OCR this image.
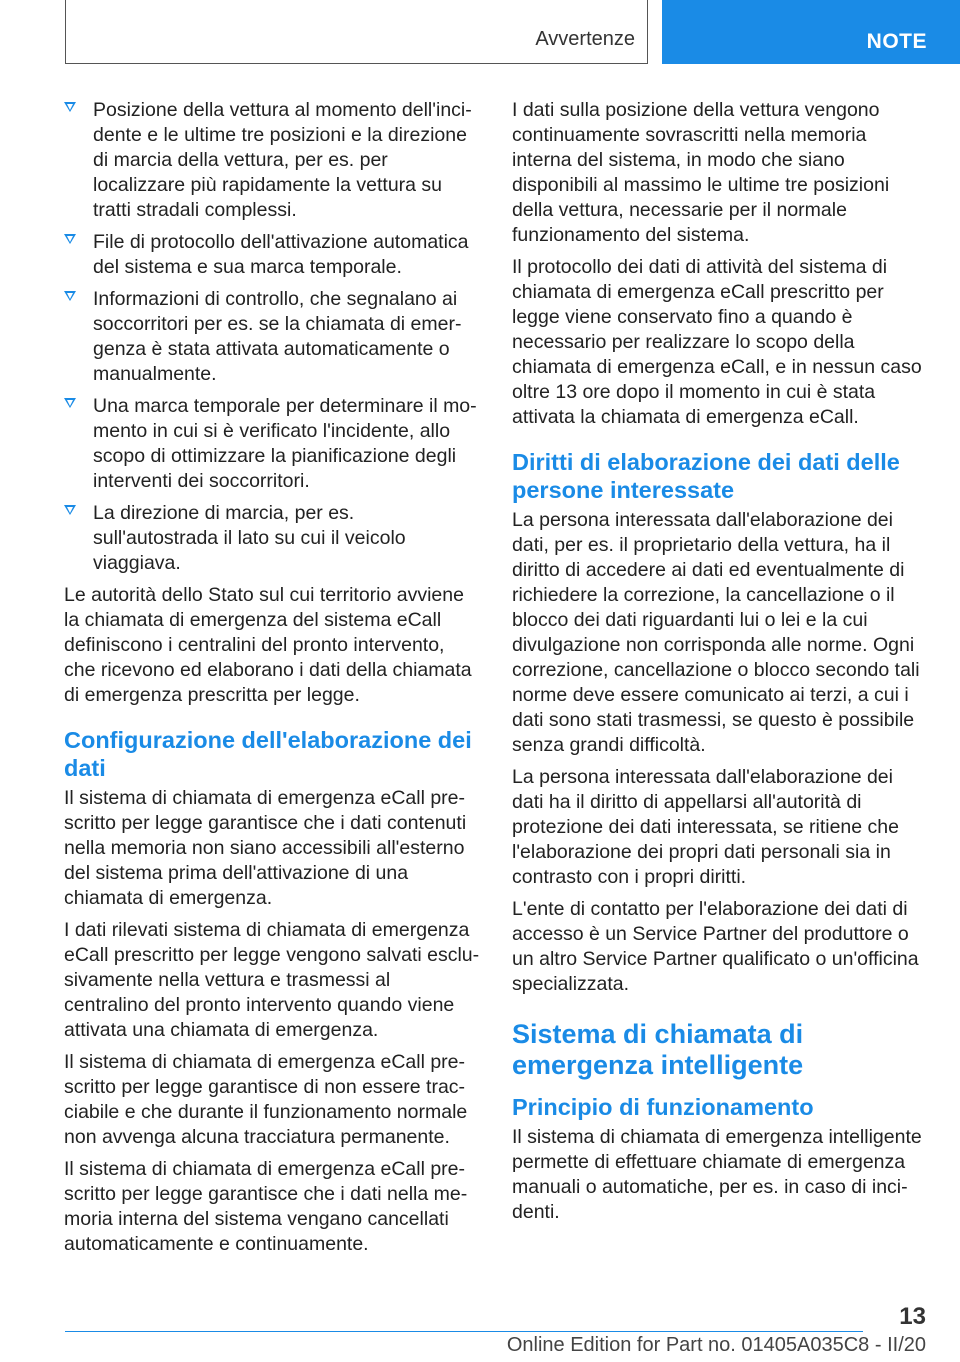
Avvertenze	NOTE
Posizione della vettura al momento dell'incidente e le ultime tre posizioni e la direzione di marcia della vettura, per es. per localizzare più rapidamente la vettura su tratti stradali complessi.
File di protocollo dell'attivazione automatica del sistema e sua marca temporale.
Informazioni di controllo, che segnalano ai soccorritori per es. se la chiamata di emergenza è stata attivata automaticamente o manualmente.
Una marca temporale per determinare il momento in cui si è verificato l'incidente, allo scopo di ottimizzare la pianificazione degli interventi dei soccorritori.
La direzione di marcia, per es. sull'autostrada il lato su cui il veicolo viaggiava.

Le autorità dello Stato sul cui territorio avviene la chiamata di emergenza del sistema eCall definiscono i centralini del pronto intervento, che ricevono ed elaborano i dati della chiamata di emergenza prescritta per legge.

Configurazione dell'elaborazione dei dati

Il sistema di chiamata di emergenza eCall prescritto per legge garantisce che i dati contenuti nella memoria non siano accessibili all'esterno del sistema prima dell'attivazione di una chiamata di emergenza.

I dati rilevati sistema di chiamata di emergenza eCall prescritto per legge vengono salvati esclusivamente nella vettura e trasmessi al centralino del pronto intervento quando viene attivata una chiamata di emergenza.

Il sistema di chiamata di emergenza eCall prescritto per legge garantisce di non essere tracciabile e che durante il funzionamento normale non avvenga alcuna tracciatura permanente.

Il sistema di chiamata di emergenza eCall prescritto per legge garantisce che i dati nella memoria interna del sistema vengano cancellati automaticamente e continuamente.

I dati sulla posizione della vettura vengono continuamente sovrascritti nella memoria interna del sistema, in modo che siano disponibili al massimo le ultime tre posizioni della vettura, necessarie per il normale funzionamento del sistema.

Il protocollo dei dati di attività del sistema di chiamata di emergenza eCall prescritto per legge viene conservato fino a quando è necessario per realizzare lo scopo della chiamata di emergenza eCall, e in nessun caso oltre 13 ore dopo il momento in cui è stata attivata la chiamata di emergenza eCall.

Diritti di elaborazione dei dati delle persone interessate

La persona interessata dall'elaborazione dei dati, per es. il proprietario della vettura, ha il diritto di accedere ai dati ed eventualmente di richiedere la correzione, la cancellazione o il blocco dei dati riguardanti lui o lei e la cui divulgazione non corrisponda alle norme. Ogni correzione, cancellazione o blocco secondo tali norme deve essere comunicato ai terzi, a cui i dati sono stati trasmessi, se questo è possibile senza grandi difficoltà.

La persona interessata dall'elaborazione dei dati ha il diritto di appellarsi all'autorità di protezione dei dati interessata, se ritiene che l'elaborazione dei propri dati personali sia in contrasto con i propri diritti.

L'ente di contatto per l'elaborazione dei dati di accesso è un Service Partner del produttore o un altro Service Partner qualificato o un'officina specializzata.

Sistema di chiamata di emergenza intelligente
Principio di funzionamento

Il sistema di chiamata di emergenza intelligente permette di effettuare chiamate di emergenza manuali o automatiche, per es. in caso di incidenti.

13
Online Edition for Part no. 01405A035C8 - II/20
